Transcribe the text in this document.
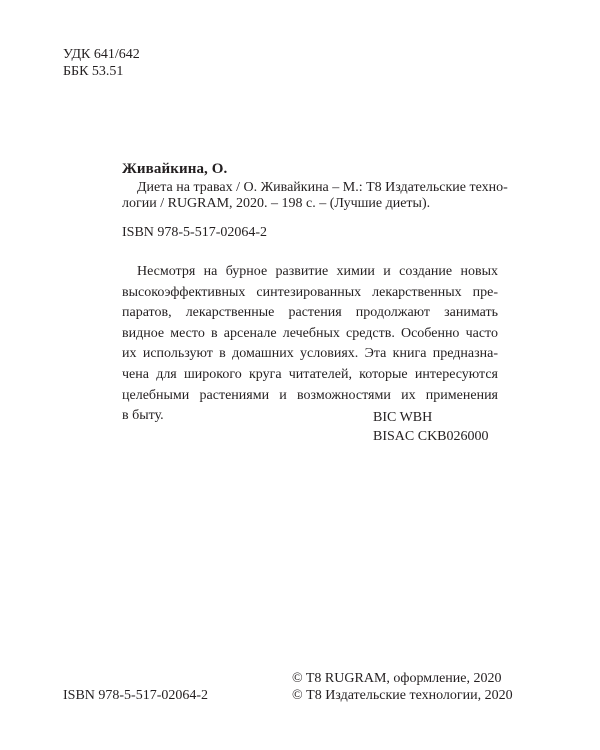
УДК 641/642
ББК 53.51
Живайкина, О.
Диета на травах / О. Живайкина – М.: Т8 Издательские техно-
логии / RUGRAM, 2020. – 198 с. – (Лучшие диеты).
ISBN 978-5-517-02064-2
Несмотря на бурное развитие химии и создание новых
высокоэффективных синтезированных лекарственных пре-
паратов, лекарственные растения продолжают занимать
видное место в арсенале лечебных средств. Особенно часто
их используют в домашних условиях. Эта книга предназна-
чена для широкого круга читателей, которые интересуются
целебными растениями и возможностями их применения
в быту.	BIC WBH
BISAC CKB026000
ISBN 978-5-517-02064-2
© T8 RUGRAM, оформление, 2020
© Т8 Издательские технологии, 2020
